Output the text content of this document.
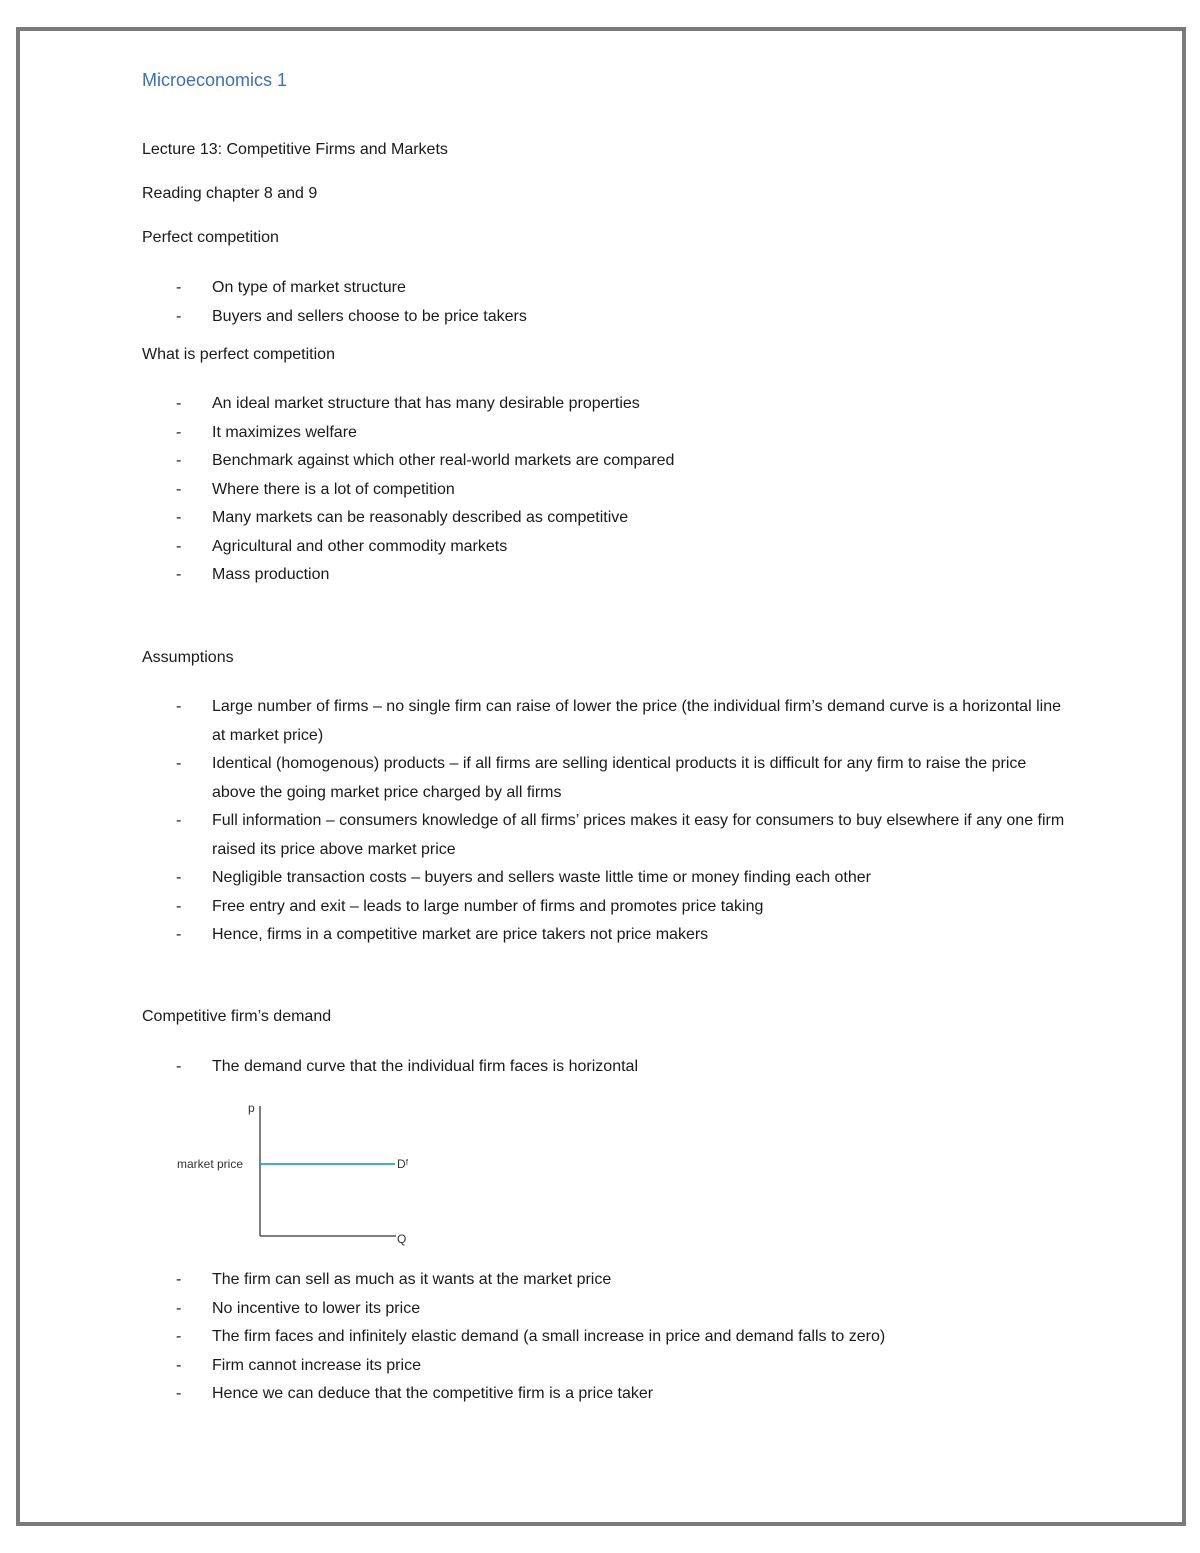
Microeconomics 1
Lecture 13: Competitive Firms and Markets
Reading chapter 8 and 9
Perfect competition
- On type of market structure
- Buyers and sellers choose to be price takers
What is perfect competition
- An ideal market structure that has many desirable properties
- It maximizes welfare
- Benchmark against which other real-world markets are compared
- Where there is a lot of competition
- Many markets can be reasonably described as competitive
- Agricultural and other commodity markets
- Mass production
Assumptions
- Large number of firms – no single firm can raise of lower the price (the individual firm’s demand curve is a horizontal line at market price)
- Identical (homogenous) products – if all firms are selling identical products it is difficult for any firm to raise the price above the going market price charged by all firms
- Full information – consumers knowledge of all firms’ prices makes it easy for consumers to buy elsewhere if any one firm raised its price above market price
- Negligible transaction costs – buyers and sellers waste little time or money finding each other
- Free entry and exit – leads to large number of firms and promotes price taking
- Hence, firms in a competitive market are price takers not price makers
Competitive firm’s demand
- The demand curve that the individual firm faces is horizontal
p
Q
market price	Dᶠ
- The firm can sell as much as it wants at the market price
- No incentive to lower its price
- The firm faces and infinitely elastic demand (a small increase in price and demand falls to zero)
- Firm cannot increase its price
- Hence we can deduce that the competitive firm is a price taker
